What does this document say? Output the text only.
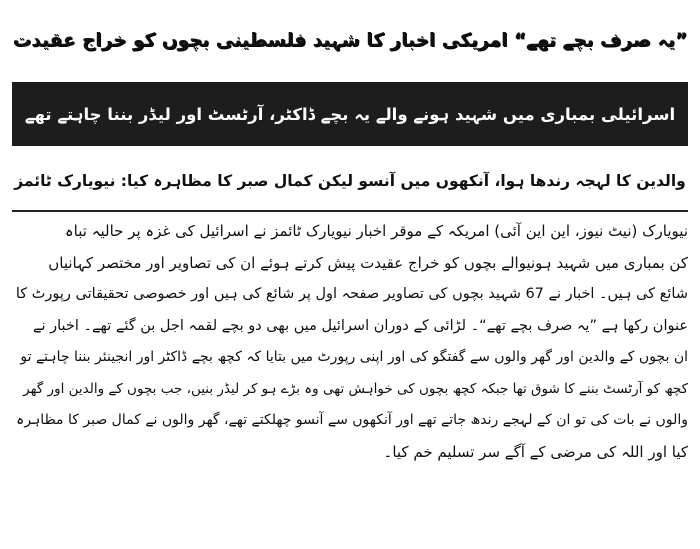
”یہ صرف بچے تھے“ امریکی اخبار کا شہید فلسطینی بچوں کو خراج عقیدت
اسرائیلی بمباری میں شہید ہونے والے یہ بچے ڈاکٹر، آرٹسٹ اور لیڈر بننا چاہتے تھے
والدین کا لہجہ رندھا ہوا، آنکھوں میں آنسو لیکن کمال صبر کا مظاہرہ کیا: نیویارک ٹائمز
نیویارک (نیٹ نیوز، این این آئی) امریکہ کے موقر اخبار نیویارک ٹائمز نے اسرائیل کی غزہ پر حالیہ تباہ
کن بمباری میں شہید ہونیوالے بچوں کو خراج عقیدت پیش کرتے ہوئے ان کی تصاویر اور مختصر کہانیاں
شائع کی ہیں۔ اخبار نے 67 شہید بچوں کی تصاویر صفحہ اول پر شائع کی ہیں اور خصوصی تحقیقاتی رپورٹ کا
عنوان رکھا ہے ”یہ صرف بچے تھے“۔ لڑائی کے دوران اسرائیل میں بھی دو بچے لقمہ اجل بن گئے تھے۔ اخبار نے
ان بچوں کے والدین اور گھر والوں سے گفتگو کی اور اپنی رپورٹ میں بتایا کہ کچھ بچے ڈاکٹر اور انجینئر بننا چاہتے تو
کچھ کو آرٹسٹ بننے کا شوق تھا جبکہ کچھ بچوں کی خواہش تھی وہ بڑے ہو کر لیڈر بنیں، جب بچوں کے والدین اور گھر
والوں نے بات کی تو ان کے لہجے رندھ جاتے تھے اور آنکھوں سے آنسو چھلکتے تھے، گھر والوں نے کمال صبر کا مظاہرہ
کیا اور اللہ کی مرضی کے آگے سر تسلیم خم کیا۔
